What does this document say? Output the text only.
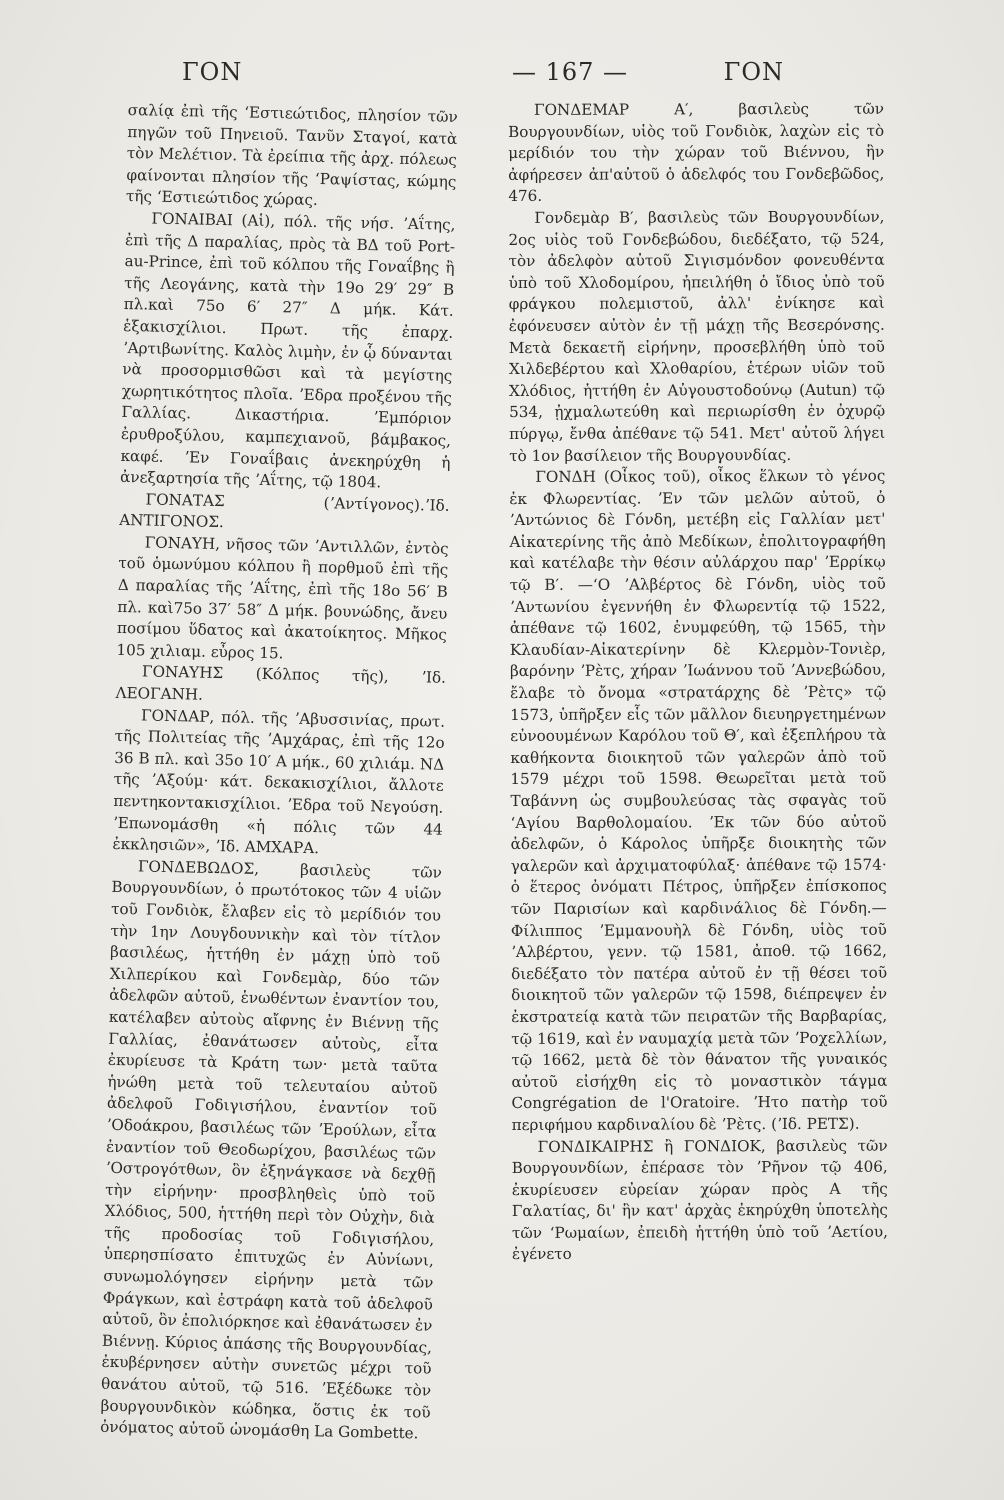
ΓΟΝ	— 167 —	ΓΟΝ

σαλίᾳ ἐπὶ τῆς ʻΕστιεώτιδος, πλησίον τῶν πηγῶν τοῦ Πηνειοῦ. Τανῦν Σταγοί, κατὰ τὸν Μελέτιον. Τὰ ἐρείπια τῆς ἀρχ. πόλεως φαίνονται πλησίον τῆς ʻΡαψίστας, κώμης τῆς ʻΕστιεώτιδος χώρας.

ΓΟΝΑΙΒΑΙ (Αἱ), πόλ. τῆς νήσ. ʼΑΐτης, ἐπὶ τῆς Δ παραλίας, πρὸς τὰ ΒΔ τοῦ Port-au-Prince, ἐπὶ τοῦ κόλπου τῆς Γοναΐβης ἢ τῆς Λεογάνης, κατὰ τὴν 19ο 29′ 29″ Β πλ.καὶ 75ο 6′ 27″ Δ μήκ. Κάτ. ἑξακισχίλιοι. Πρωτ. τῆς ἐπαρχ. ʼΑρτιβωνίτης. Καλὸς λιμὴν, ἐν ᾧ δύνανται νὰ προσορμισθῶσι καὶ τὰ μεγίστης χωρητικότητος πλοῖα. ʼΕδρα προξένου τῆς Γαλλίας. Δικαστήρια. ʼΕμπόριον ἐρυθροξύλου, καμπεχιανοῦ, βάμβακος, καφέ. ʼΕν Γοναΐβαις ἀνεκηρύχθη ἡ ἀνεξαρτησία τῆς ʼΑΐτης, τῷ 1804.

ΓΟΝΑΤΑΣ (ʼΑντίγονος).ʼΙδ. ΑΝΤΙΓΟΝΟΣ.

ΓΟΝΑΥΗ, νῆσος τῶν ʼΑντιλλῶν, ἐντὸς τοῦ ὁμωνύμου κόλπου ἢ πορθμοῦ ἐπὶ τῆς Δ παραλίας τῆς ʼΑΐτης, ἐπὶ τῆς 18ο 56′ Β πλ. καὶ75ο 37′ 58″ Δ μήκ. βουνώδης, ἄνευ ποσίμου ὕδατος καὶ ἀκατοίκητος. Μῆκος 105 χιλιαμ. εὖρος 15.

ΓΟΝΑΥΗΣ (Κόλπος τῆς), ʼΙδ. ΛΕΟΓΑΝΗ.

ΓΟΝΔΑΡ, πόλ. τῆς ʼΑβυσσινίας, πρωτ. τῆς Πολιτείας τῆς ʼΑμχάρας, ἐπὶ τῆς 12ο 36 Β πλ. καὶ 35ο 10′ Α μήκ., 60 χιλιάμ. ΝΔ τῆς ʼΑξούμ· κάτ. δεκακισχίλιοι, ἄλλοτε πεντηκοντακισχίλιοι. ʼΕδρα τοῦ Νεγούση. ʼΕπωνομάσθη «ἡ πόλις τῶν 44 ἐκκλησιῶν», ʼΙδ. ΑΜΧΑΡΑ.

ΓΟΝΔΕΒΩΔΟΣ, βασιλεὺς τῶν Βουργουνδίων, ὁ πρωτότοκος τῶν 4 υἱῶν τοῦ Γονδιὸκ, ἔλαβεν εἰς τὸ μερίδιόν του τὴν 1ην Λουγδουνικὴν καὶ τὸν τίτλον βασιλέως, ἡττήθη ἐν μάχῃ ὑπὸ τοῦ Χιλπερίκου καὶ Γονδεμὰρ, δύο τῶν ἀδελφῶν αὐτοῦ, ἑνωθέντων ἐναντίον του, κατέλαβεν αὐτοὺς αἴφνης ἐν Βιέννῃ τῆς Γαλλίας, ἐθανάτωσεν αὐτοὺς, εἶτα ἐκυρίευσε τὰ Κράτη των· μετὰ ταῦτα ἡνώθη μετὰ τοῦ τελευταίου αὐτοῦ ἀδελφοῦ Γοδιγισήλου, ἐναντίον τοῦ ʼΟδοάκρου, βασιλέως τῶν ʼΕρούλων, εἶτα ἐναντίον τοῦ Θεοδωρίχου, βασιλέως τῶν ʼΟστρογότθων, ὃν ἐξηνάγκασε νὰ δεχθῇ τὴν εἰρήνην· προσβληθεὶς ὑπὸ τοῦ Χλόδιος, 500, ἡττήθη περὶ τὸν Οὐχὴν, διὰ τῆς προδοσίας τοῦ Γοδιγισήλου, ὑπερησπίσατο ἐπιτυχῶς ἐν Αὐνίωνι, συνωμολόγησεν εἰρήνην μετὰ τῶν Φράγκων, καὶ ἐστράφη κατὰ τοῦ ἀδελφοῦ αὐτοῦ, ὃν ἐπολιόρκησε καὶ ἐθανάτωσεν ἐν Βιέννῃ. Κύριος ἁπάσης τῆς Βουργουνδίας, ἐκυβέρνησεν αὐτὴν συνετῶς μέχρι τοῦ θανάτου αὐτοῦ, τῷ 516. ʼΕξέδωκε τὸν βουργουνδικὸν κώδηκα, ὅστις ἐκ τοῦ ὀνόματος αὐτοῦ ὠνομάσθη La Gombette.

ΓΟΝΔΕΜΑΡ Α′, βασιλεὺς τῶν Βουργουνδίων, υἱὸς τοῦ Γονδιὸκ, λαχὼν εἰς τὸ μερίδιόν του τὴν χώραν τοῦ Βιέννου, ἣν ἀφήρεσεν ἀπ'αὐτοῦ ὁ ἀδελφός του Γονδεβῶδος, 476.

Γονδεμὰρ Β′, βασιλεὺς τῶν Βουργουνδίων, 2ος υἱὸς τοῦ Γονδεβώδου, διεδέξατο, τῷ 524, τὸν ἀδελφὸν αὐτοῦ Σιγισμόνδον φονευθέντα ὑπὸ τοῦ Χλοδομίρου, ἠπειλήθη ὁ ἴδιος ὑπὸ τοῦ φράγκου πολεμιστοῦ, ἀλλ' ἐνίκησε καὶ ἐφόνευσεν αὐτὸν ἐν τῇ μάχῃ τῆς Βεσερόνσης. Μετὰ δεκαετῆ εἰρήνην, προσεβλήθη ὑπὸ τοῦ Χιλδεβέρτου καὶ Χλοθαρίου, ἑτέρων υἱῶν τοῦ Χλόδιος, ἡττήθη ἐν Αὐγουστοδούνῳ (Autun) τῷ 534, ᾐχμαλωτεύθη καὶ περιωρίσθη ἐν ὀχυρῷ πύργῳ, ἔνθα ἀπέθανε τῷ 541. Μετ' αὐτοῦ λήγει τὸ 1ον βασίλειον τῆς Βουργουνδίας.

ΓΟΝΔΗ (Οἶκος τοῦ), οἶκος ἕλκων τὸ γένος ἐκ Φλωρεντίας. ʼΕν τῶν μελῶν αὐτοῦ, ὁ ʼΑντώνιος δὲ Γόνδη, μετέβη εἰς Γαλλίαν μετ' Αἰκατερίνης τῆς ἀπὸ Μεδίκων, ἐπολιτογραφήθη καὶ κατέλαβε τὴν θέσιν αὐλάρχου παρ' ʼΕρρίκῳ τῷ Β′. —ʻΟ ʼΑλβέρτος δὲ Γόνδη, υἱὸς τοῦ ʼΑντωνίου ἐγεννήθη ἐν Φλωρεντίᾳ τῷ 1522, ἀπέθανε τῷ 1602, ἐνυμφεύθη, τῷ 1565, τὴν Κλαυδίαν-Αἰκατερίνην δὲ Κλερμὸν-Τονιὲρ, βαρόνην ʼΡὲτς, χήραν ʼΙωάννου τοῦ ʼΑννεβώδου, ἔλαβε τὸ ὄνομα «στρατάρχης δὲ ʼΡὲτς» τῷ 1573, ὑπῆρξεν εἷς τῶν μᾶλλον διευηργετημένων εὐνοουμένων Καρόλου τοῦ Θ′, καὶ ἐξεπλήρου τὰ καθήκοντα διοικητοῦ τῶν γαλερῶν ἀπὸ τοῦ 1579 μέχρι τοῦ 1598. Θεωρεῖται μετὰ τοῦ Ταβάννη ὡς συμβουλεύσας τὰς σφαγὰς τοῦ ʻΑγίου Βαρθολομαίου. ʼΕκ τῶν δύο αὐτοῦ ἀδελφῶν, ὁ Κάρολος ὑπῆρξε διοικητὴς τῶν γαλερῶν καὶ ἀρχιματοφύλαξ· ἀπέθανε τῷ 1574· ὁ ἕτερος ὀνόματι Πέτρος, ὑπῆρξεν ἐπίσκοπος τῶν Παρισίων καὶ καρδινάλιος δὲ Γόνδη.—Φίλιππος ʼΕμμανουὴλ δὲ Γόνδη, υἱὸς τοῦ ʼΑλβέρτου, γενν. τῷ 1581, ἀποθ. τῷ 1662, διεδέξατο τὸν πατέρα αὐτοῦ ἐν τῇ θέσει τοῦ διοικητοῦ τῶν γαλερῶν τῷ 1598, διέπρεψεν ἐν ἐκστρατείᾳ κατὰ τῶν πειρατῶν τῆς Βαρβαρίας, τῷ 1619, καὶ ἐν ναυμαχίᾳ μετὰ τῶν ʼΡοχελλίων, τῷ 1662, μετὰ δὲ τὸν θάνατον τῆς γυναικός αὐτοῦ εἰσήχθη εἰς τὸ μοναστικὸν τάγμα Congrégation de l'Oratoire. ʼΗτο πατὴρ τοῦ περιφήμου καρδιναλίου δὲ ʼΡὲτς. (ʼΙδ. ΡΕΤΣ).

ΓΟΝΔΙΚΑΙΡΗΣ ἢ ΓΟΝΔΙΟΚ, βασιλεὺς τῶν Βουργουνδίων, ἐπέρασε τὸν ʼΡῆνον τῷ 406, ἐκυρίευσεν εὐρείαν χώραν πρὸς Α τῆς Γαλατίας, δι' ἣν κατ' ἀρχὰς ἐκηρύχθη ὑποτελὴς τῶν ʻΡωμαίων, ἐπειδὴ ἡττήθη ὑπὸ τοῦ ʼΑετίου, ἐγένετο
